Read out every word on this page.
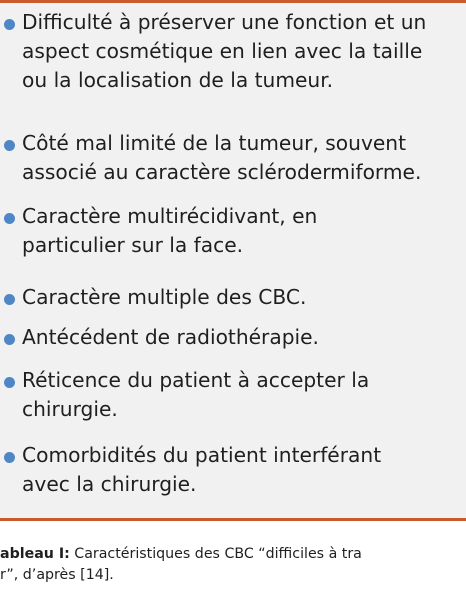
Difficulté à préserver une fonction et un
aspect cosmétique en lien avec la taille
ou la localisation de la tumeur.
Côté mal limité de la tumeur, souvent
associé au caractère sclérodermiforme.
Caractère multirécidivant, en
particulier sur la face.
Caractère multiple des CBC.
Antécédent de radiothérapie.
Réticence du patient à accepter la
chirurgie.
Comorbidités du patient interférant
avec la chirurgie.
ableau I: Caractéristiques des CBC “difficiles à tra
r”, d’après [14].
